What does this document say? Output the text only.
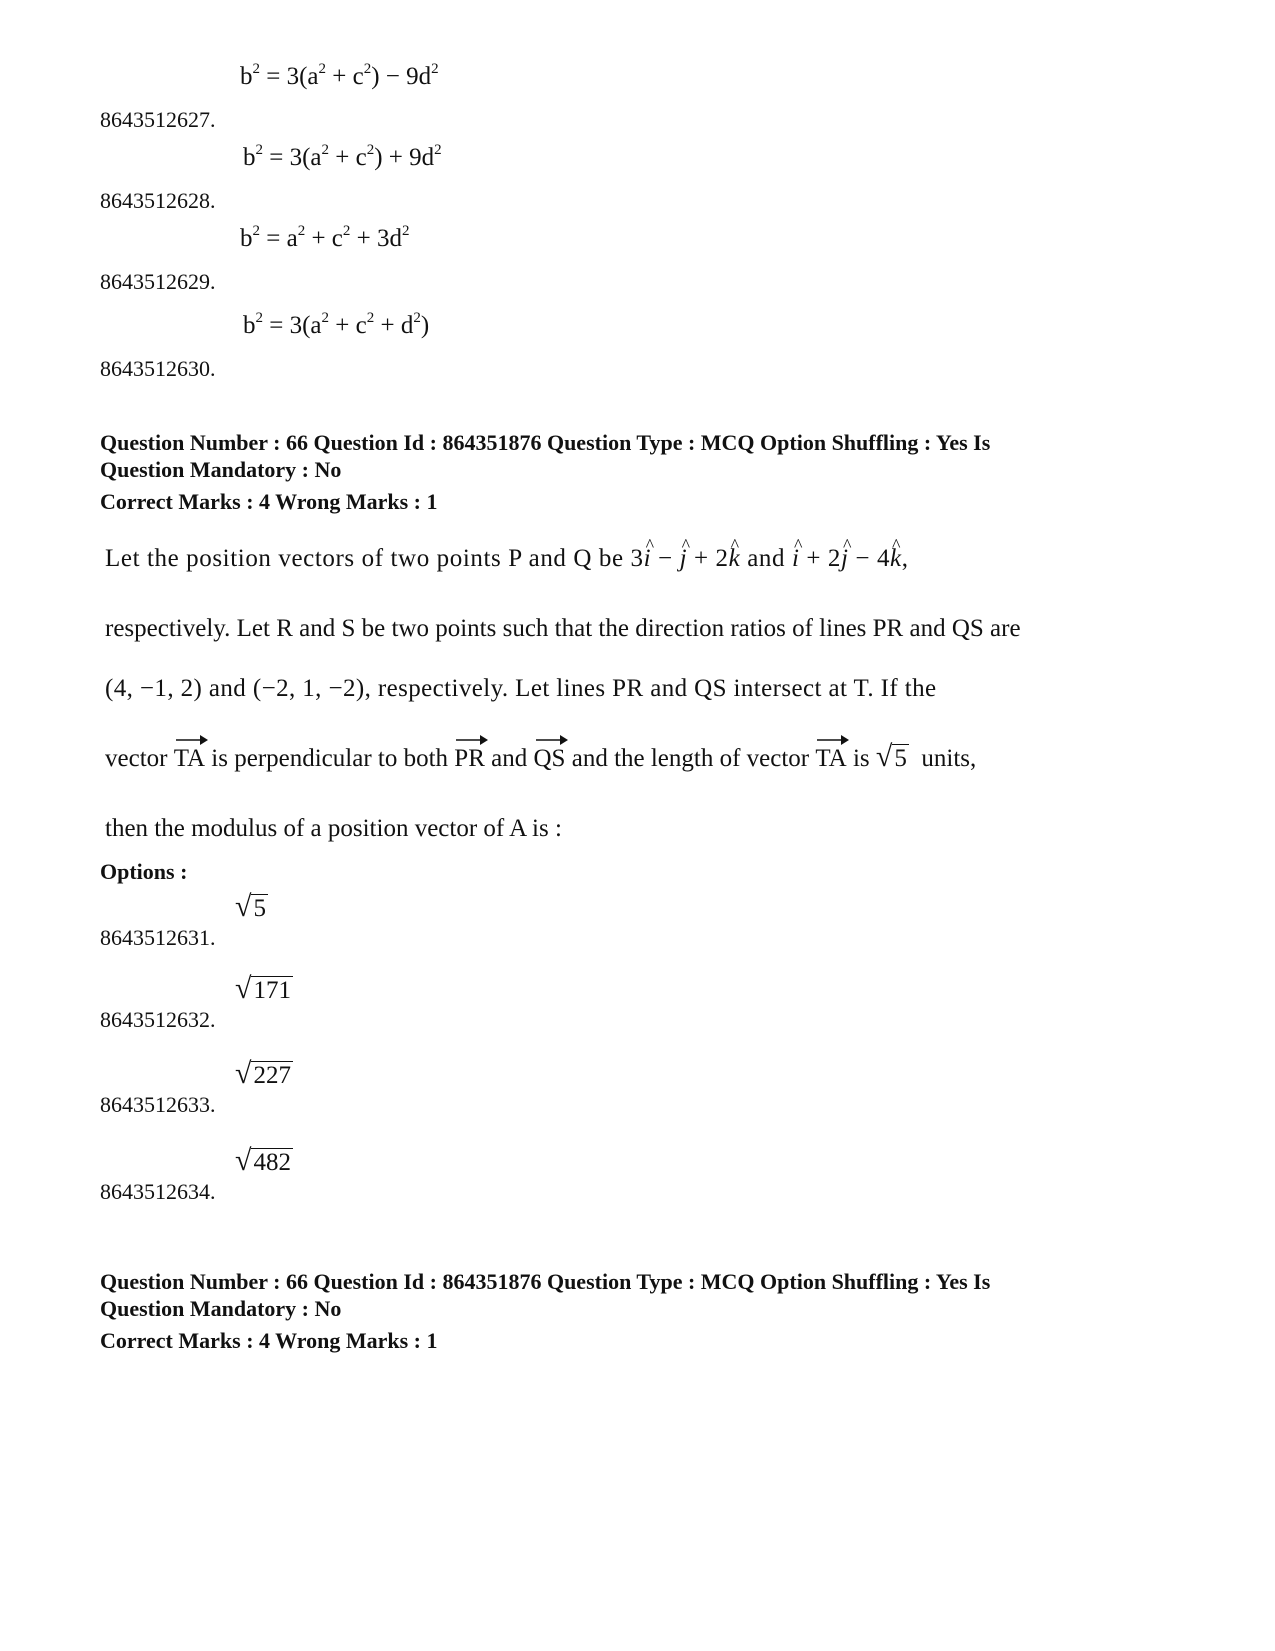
8643512627.
$b^2 = 3(a^2 + c^2) - 9d^2$
8643512628.
$b^2 = 3(a^2 + c^2) + 9d^2$
8643512629.
$b^2 = a^2 + c^2 + 3d^2$
8643512630.
$b^2 = 3(a^2 + c^2 + d^2)$
Question Number : 66 Question Id : 864351876 Question Type : MCQ Option Shuffling : Yes Is
Question Mandatory : No
Correct Marks : 4 Wrong Marks : 1
Let the position vectors of two points P and Q be 3^ i − ^ j + 2^ k and ^ i + 2^ j − 4^ k,
respectively. Let R and S be two points such that the direction ratios of lines PR and QS are
(4, −1, 2) and (−2, 1, −2), respectively. Let lines PR and QS intersect at T. If the
vector TA is perpendicular to both PR and QS and the length of vector TA is √5 units,
then the modulus of a position vector of A is :
Options :
8643512631.
√5
8643512632.
√171
8643512633.
√227
8643512634.
√482
Question Number : 66 Question Id : 864351876 Question Type : MCQ Option Shuffling : Yes Is
Question Mandatory : No
Correct Marks : 4 Wrong Marks : 1
